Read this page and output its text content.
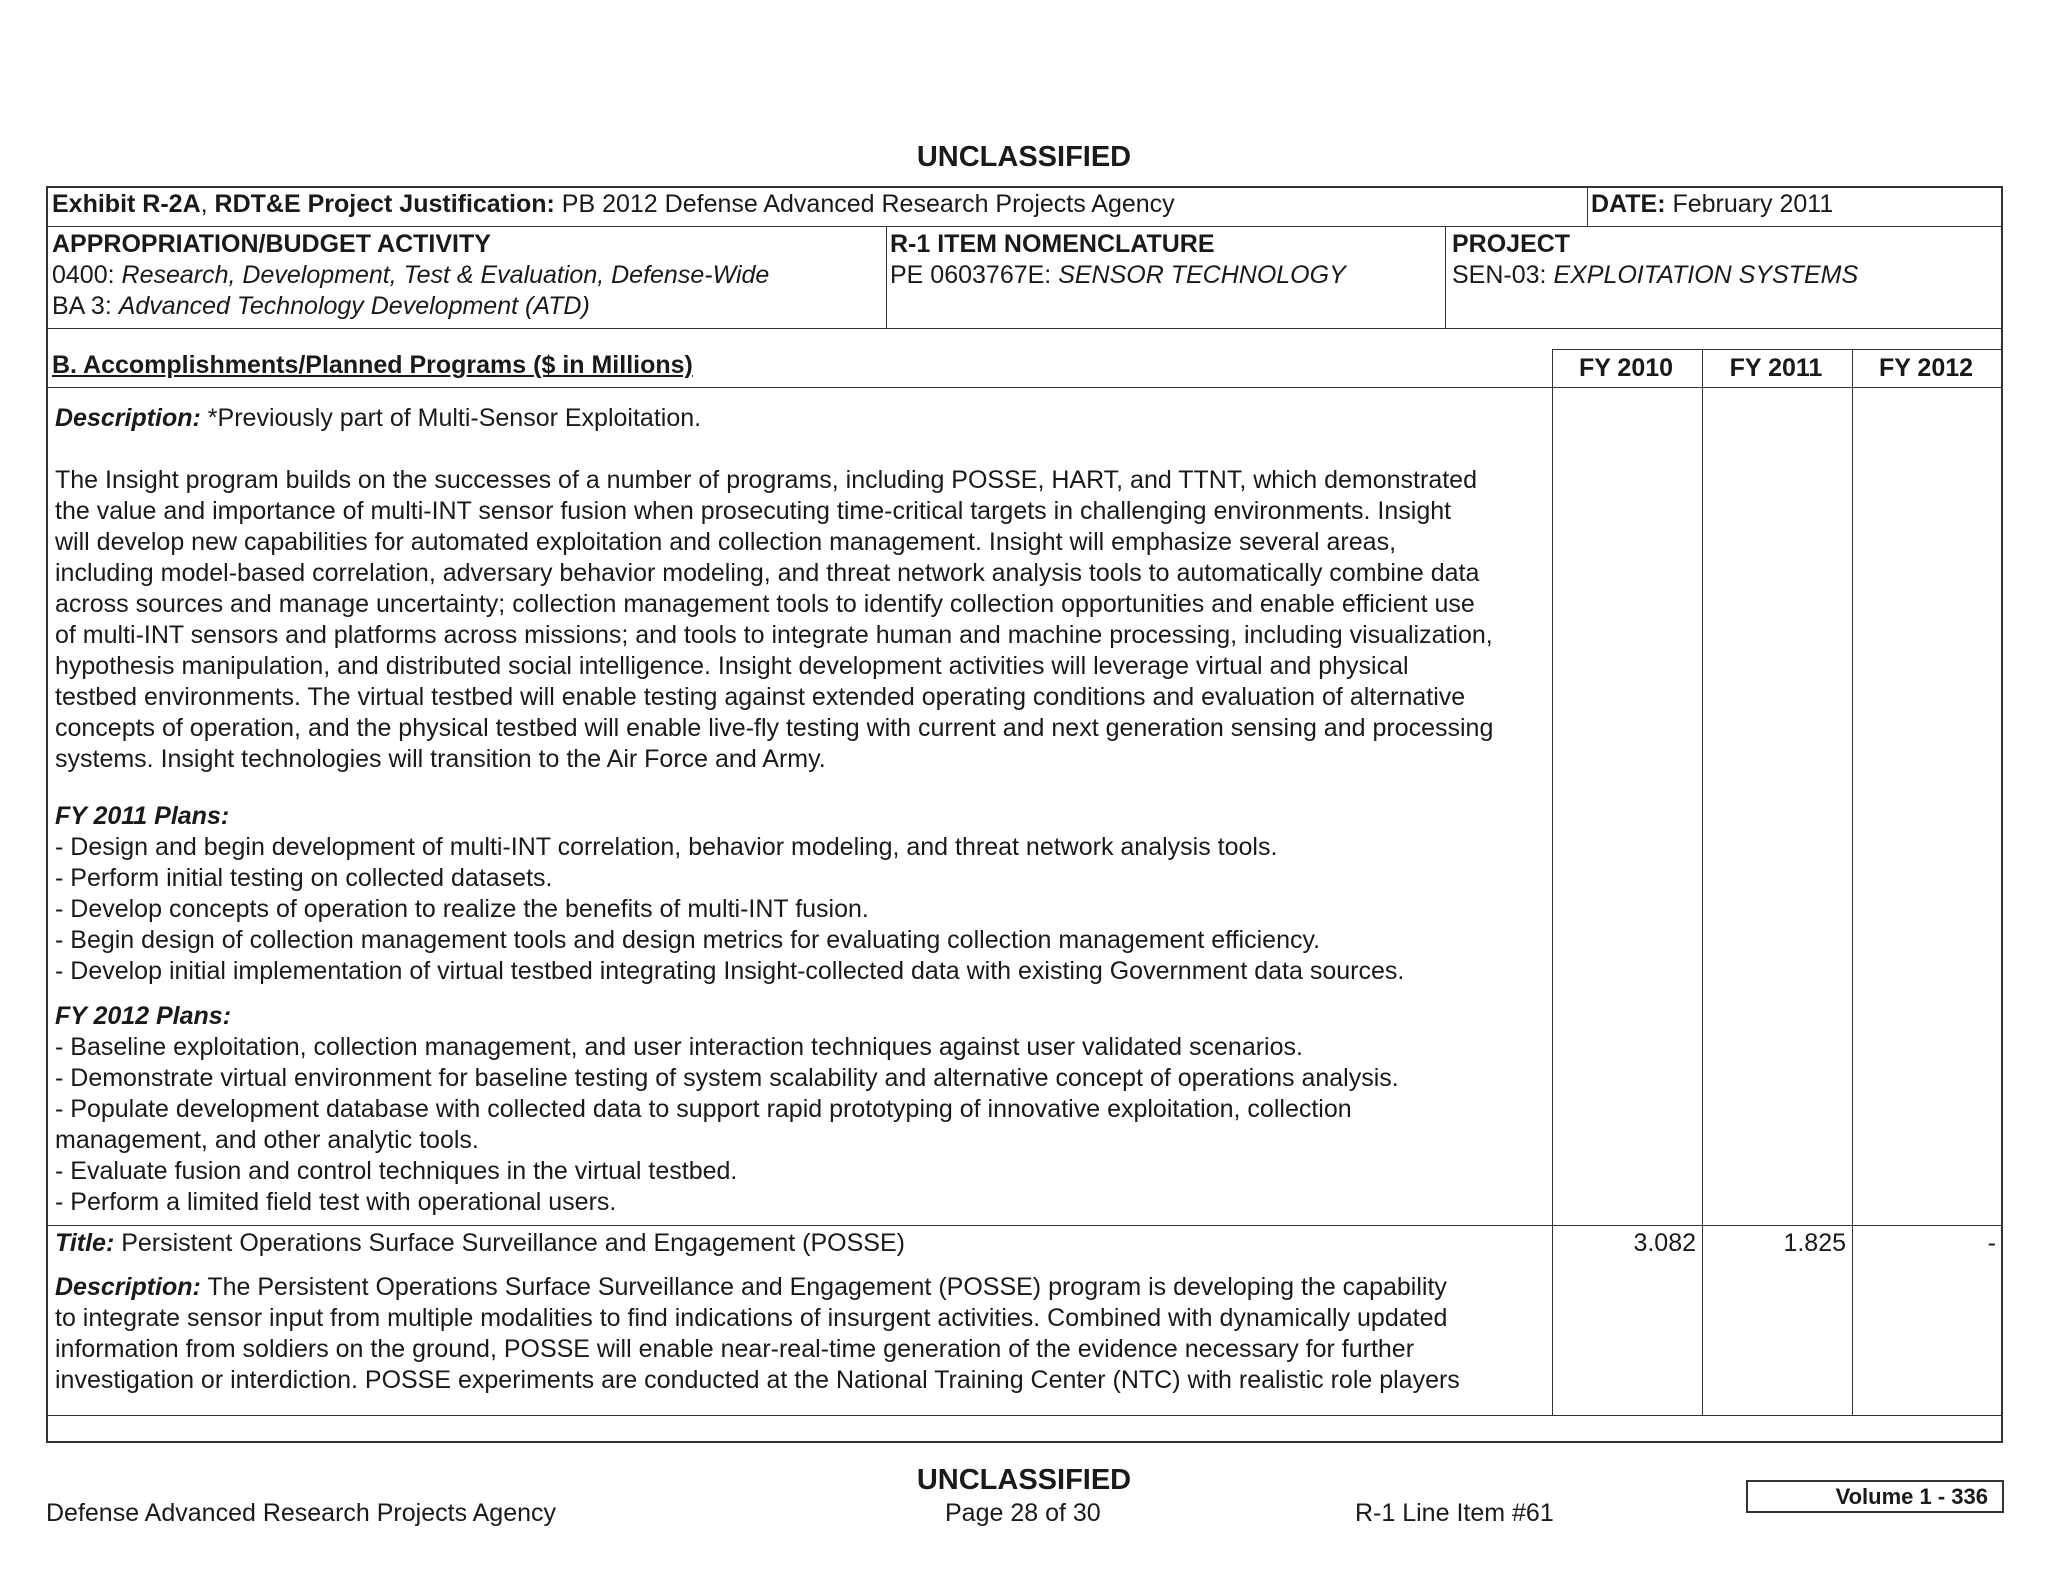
UNCLASSIFIED
Exhibit R-2A, RDT&E Project Justification: PB 2012 Defense Advanced Research Projects Agency	DATE: February 2011
APPROPRIATION/BUDGET ACTIVITY
0400: Research, Development, Test & Evaluation, Defense-Wide
BA 3: Advanced Technology Development (ATD)
R-1 ITEM NOMENCLATURE
PE 0603767E: SENSOR TECHNOLOGY
PROJECT
SEN-03: EXPLOITATION SYSTEMS
B. Accomplishments/Planned Programs ($ in Millions)	FY 2010	FY 2011	FY 2012

Description: *Previously part of Multi-Sensor Exploitation.

The Insight program builds on the successes of a number of programs, including POSSE, HART, and TTNT, which demonstrated

the value and importance of multi-INT sensor fusion when prosecuting time-critical targets in challenging environments. Insight

will develop new capabilities for automated exploitation and collection management. Insight will emphasize several areas,

including model-based correlation, adversary behavior modeling, and threat network analysis tools to automatically combine data

across sources and manage uncertainty; collection management tools to identify collection opportunities and enable efficient use

of multi-INT sensors and platforms across missions; and tools to integrate human and machine processing, including visualization,

hypothesis manipulation, and distributed social intelligence. Insight development activities will leverage virtual and physical

testbed environments. The virtual testbed will enable testing against extended operating conditions and evaluation of alternative

concepts of operation, and the physical testbed will enable live-fly testing with current and next generation sensing and processing

systems. Insight technologies will transition to the Air Force and Army.

FY 2011 Plans:

- Design and begin development of multi-INT correlation, behavior modeling, and threat network analysis tools.

- Perform initial testing on collected datasets.

- Develop concepts of operation to realize the benefits of multi-INT fusion.

- Begin design of collection management tools and design metrics for evaluating collection management efficiency.

- Develop initial implementation of virtual testbed integrating Insight-collected data with existing Government data sources.

FY 2012 Plans:

- Baseline exploitation, collection management, and user interaction techniques against user validated scenarios.

- Demonstrate virtual environment for baseline testing of system scalability and alternative concept of operations analysis.

- Populate development database with collected data to support rapid prototyping of innovative exploitation, collection

management, and other analytic tools.

- Evaluate fusion and control techniques in the virtual testbed.

- Perform a limited field test with operational users.

Title: Persistent Operations Surface Surveillance and Engagement (POSSE)	3.082	1.825	-

Description: The Persistent Operations Surface Surveillance and Engagement (POSSE) program is developing the capability

to integrate sensor input from multiple modalities to find indications of insurgent activities. Combined with dynamically updated

information from soldiers on the ground, POSSE will enable near-real-time generation of the evidence necessary for further

investigation or interdiction. POSSE experiments are conducted at the National Training Center (NTC) with realistic role players

UNCLASSIFIED
Defense Advanced Research Projects Agency	Page 28 of 30	R-1 Line Item #61
Volume 1 - 336
